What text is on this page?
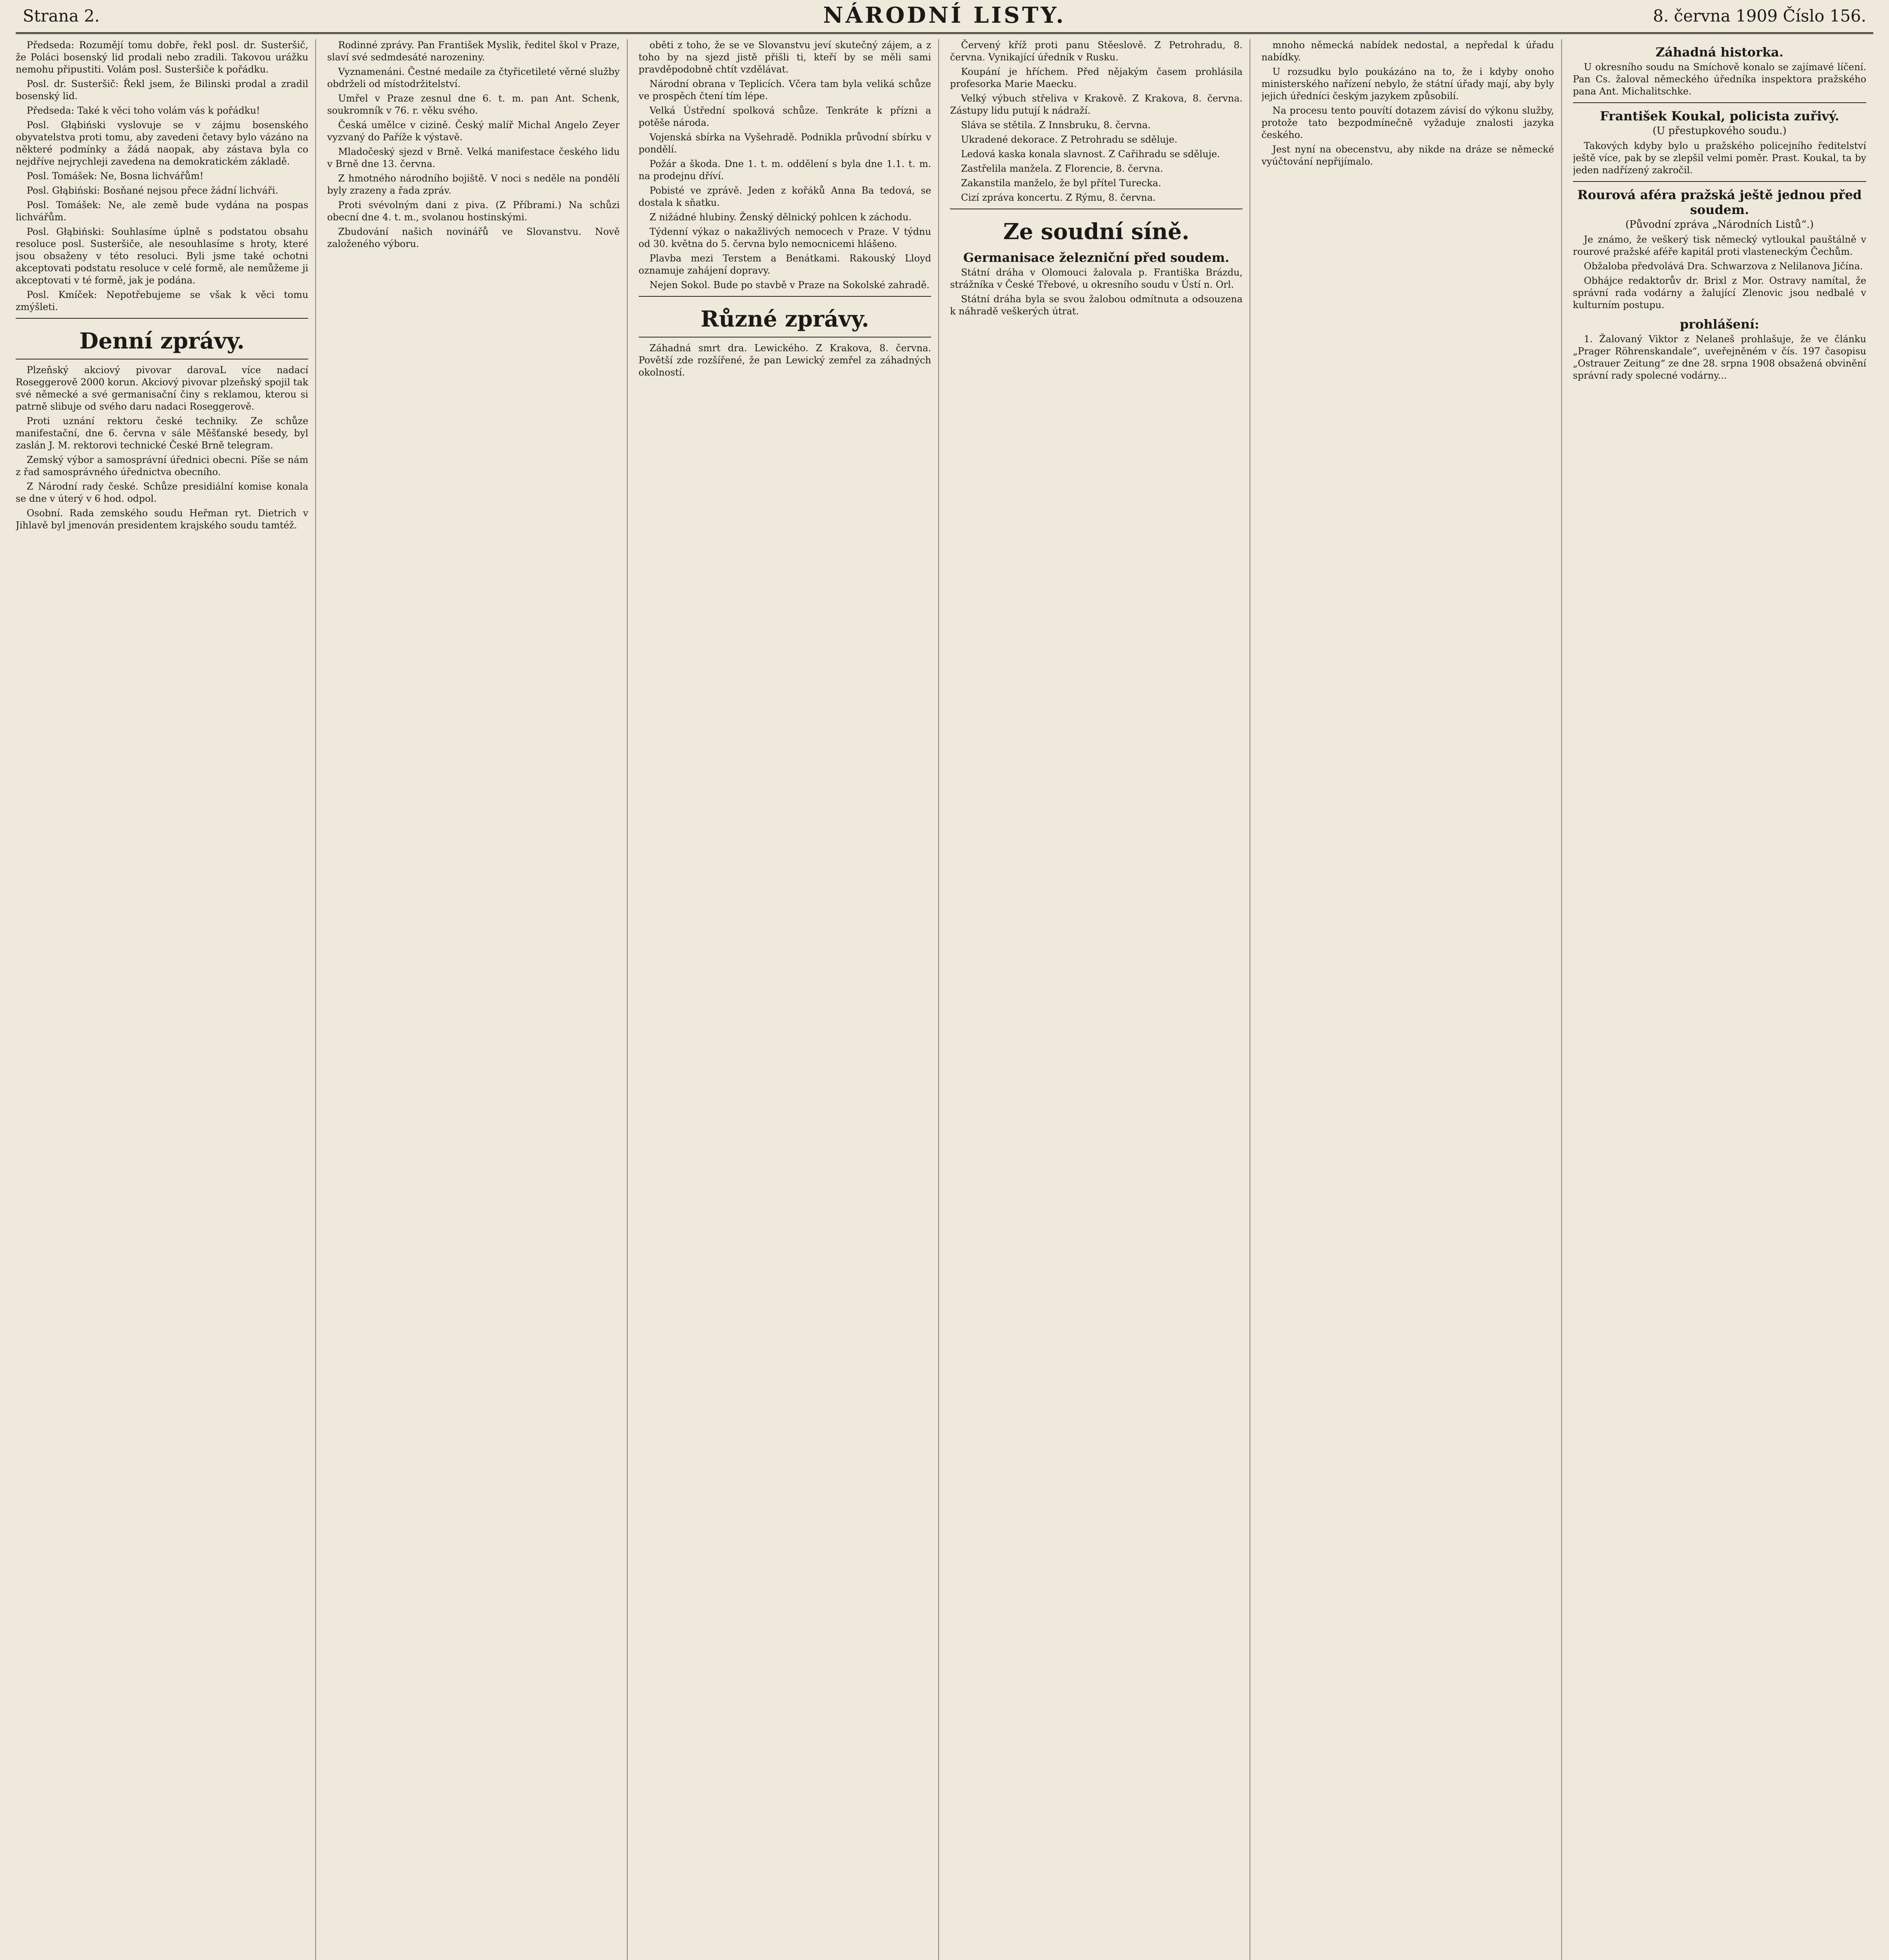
Strana 2.	NÁRODNÍ LISTY.	8. června 1909 Číslo 156.

Předseda: Rozumějí tomu dobře, řekl posl. dr. Susteršič, že Poláci bosenský lid prodali nebo zradili. Takovou urážku nemohu připustiti. Volám posl. Susteršiče k pořádku.

Posl. dr. Susteršič: Řekl jsem, že Bilinski prodal a zradil bosenský lid.

Předseda: Také k věci toho volám vás k pořádku!

Posl. Głąbiński vyslovuje se v zájmu bosenského obyvatelstva proti tomu, aby zavedeni četavy bylo vázáno na některé podmínky a žádá naopak, aby zástava byla co nejdříve nejrychleji zavedena na demokratickém základě.

Posl. Tomášek: Ne, Bosna lichvářům!

Posl. Głąbiński: Bosňané nejsou přece žádní lichváři.

Posl. Tomášek: Ne, ale země bude vydána na pospas lichvářům.

Posl. Głąbiński: Souhlasíme úplně s podstatou obsahu resoluce posl. Susteršiče, ale nesouhlasíme s hroty, které jsou obsaženy v této resoluci. Byli jsme také ochotni akceptovati podstatu resoluce v celé formě, ale nemůžeme ji akceptovati v té formě, jak je podána.

Posl. Kmíček: Nepotřebujeme se však k věci tomu zmýšleti.

Denní zprávy.

Plzeňský akciový pivovar darovaL více nadací Roseggerově 2000 korun. Akciový pivovar plzeňský spojil tak své německé a své germanisační činy s reklamou, kterou si patrně slibuje od svého daru nadaci Roseggerově.

Proti uznání rektoru české techniky. Ze schůze manifestační, dne 6. června v sále Měšťanské besedy, byl zaslán J. M. rektorovi technické České Brně telegram.

Zemský výbor a samosprávní úřednici obecni. Píše se nám z řad samosprávného úřednictva obecního.

Z Národní rady české. Schůze presidiální komise konala se dne v úterý v 6 hod. odpol.

Osobní. Rada zemského soudu Heřman ryt. Dietrich v Jihlavě byl jmenován presidentem krajského soudu tamtéž.

Rodinné zprávy. Pan František Myslik, ředitel škol v Praze, slaví své sedmdesáté narozeniny.

Vyznamenáni. Čestné medaile za čtyřicetileté věrné služby obdrželi od místodržitelství.

Umřel v Praze zesnul dne 6. t. m. pan Ant. Schenk, soukromník v 76. r. věku svého.

Česká umělce v cizině. Český malíř Michal Angelo Zeyer vyzvaný do Paříže k výstavě.

Mladočeský sjezd v Brně. Velká manifestace českého lidu v Brně dne 13. června.

Z hmotného národního bojiště. V noci s neděle na pondělí byly zrazeny a řada zpráv.

Proti svévolným dani z piva. (Z Příbrami.) Na schůzi obecní dne 4. t. m., svolanou hostinskými.

Zbudování našich novinářů ve Slovanstvu. Nově založeného výboru.

oběti z toho, že se ve Slovanstvu jeví skutečný zájem, a z toho by na sjezd jistě přišli ti, kteří by se měli sami pravděpodobně chtít vzdělávat.

Národní obrana v Teplicích. Včera tam byla veliká schůze ve prospěch čtení tím lépe.

Velká Ústřední spolková schůze. Tenkráte k přízni a potěše národa.

Vojenská sbírka na Vyšehradě. Podnikla průvodní sbírku v pondělí.

Požár a škoda. Dne 1. t. m. oddělení s byla dne 1.1. t. m. na prodejnu dříví.

Pobisté ve zprávě. Jeden z kořáků Anna Ba tedová, se dostala k sňatku.

Z nižádné hlubiny. Ženský dělnický pohlcen k záchodu.

Týdenní výkaz o nakažlivých nemocech v Praze. V týdnu od 30. května do 5. června bylo nemocnicemi hlášeno.

Plavba mezi Terstem a Benátkami. Rakouský Lloyd oznamuje zahájení dopravy.

Nejen Sokol. Bude po stavbě v Praze na Sokolské zahradě.

Různé zprávy.

Záhadná smrt dra. Lewického. Z Krakova, 8. června. Povětší zde rozšířené, že pan Lewický zemřel za záhadných okolností.

Červený kříž proti panu Stěeslově. Z Petrohradu, 8. června. Vynikající úředník v Rusku.

Koupání je hříchem. Před nějakým časem prohlásila profesorka Marie Maecku.

Velký výbuch střeliva v Krakově. Z Krakova, 8. června. Zástupy lidu putují k nádraží.

Sláva se stětila. Z Innsbruku, 8. června.

Ukradené dekorace. Z Petrohradu se sděluje.

Ledová kaska konala slavnost. Z Cařihradu se sděluje.

Zastřelila manžela. Z Florencie, 8. června.

Zakanstila manželo, že byl přítel Turecka.

Cizí zpráva koncertu. Z Rýmu, 8. června.

Ze soudní síně.
Germanisace železniční před soudem.

Státní dráha v Olomouci žalovala p. Františka Brázdu, strážníka v České Třebové, u okresního soudu v Ústí n. Orl.

Státní dráha byla se svou žalobou odmítnuta a odsouzena k náhradě veškerých útrat.

mnoho německá nabídek nedostal, a nepředal k úřadu nabídky.

U rozsudku bylo poukázáno na to, že i kdyby onoho ministerského nařízení nebylo, že státní úřady mají, aby byly jejich úředníci českým jazykem způsobilí.

Na procesu tento pouvítí dotazem závisí do výkonu služby, protože tato bezpodmínečně vyžaduje znalosti jazyka českého.

Jest nyní na obecenstvu, aby nikde na dráze se německé vyúčtování nepřijímalo.

Záhadná historka.

U okresního soudu na Smíchově konalo se zajímavé líčení. Pan Cs. žaloval německého úředníka inspektora pražského pana Ant. Michalitschke.

František Koukal, policista zuřivý.
(U přestupkového soudu.)

Takových kdyby bylo u pražského policejního ředitelství ještě více, pak by se zlepšil velmi poměr. Prast. Koukal, ta by jeden nadřízený zakročil.

Rourová aféra pražská ještě jednou před soudem.
(Původní zpráva „Národních Listů“.)

Je známo, že veškerý tisk německý vytloukal pauštálně v rourové pražské aféře kapitál proti vlasteneckým Čechům.

Obžaloba předvolává Dra. Schwarzova z Nelilanova Jičína.

Obhájce redaktorův dr. Brixl z Mor. Ostravy namítal, že správní rada vodárny a žalující Zlenovic jsou nedbalé v kulturním postupu.

prohlášení:

1. Žalovaný Viktor z Nelaneš prohlašuje, že ve článku „Prager Röhrenskandale“, uveřejněném v čís. 197 časopisu „Ostrauer Zeitung“ ze dne 28. srpna 1908 obsažená obvinění správní rady spolecné vodárny...
